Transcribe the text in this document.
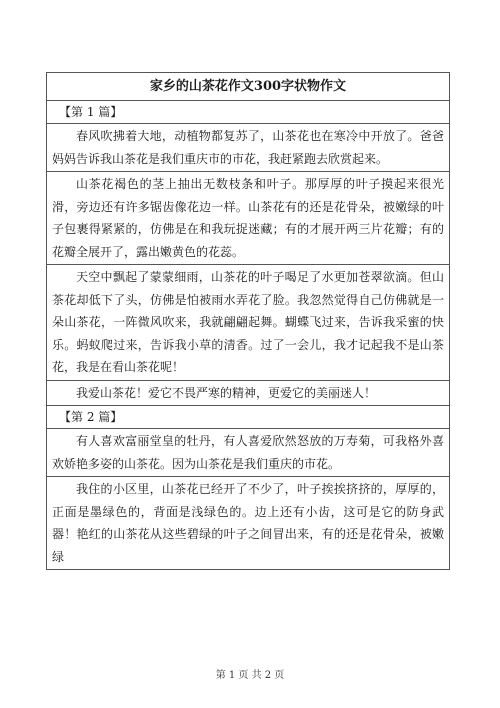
家乡的山茶花作文300字状物作文
【第 1 篇】
春风吹拂着大地，动植物都复苏了，山茶花也在寒冷中开放了。爸爸妈妈告诉我山茶花是我们重庆市的市花，我赶紧跑去欣赏起来。
山茶花褐色的茎上抽出无数枝条和叶子。那厚厚的叶子摸起来很光滑，旁边还有许多锯齿像花边一样。山茶花有的还是花骨朵，被嫩绿的叶子包裹得紧紧的，仿佛是在和我玩捉迷藏；有的才展开两三片花瓣；有的花瓣全展开了，露出嫩黄色的花蕊。
天空中飘起了蒙蒙细雨，山茶花的叶子喝足了水更加苍翠欲滴。但山茶花却低下了头，仿佛是怕被雨水弄花了脸。我忽然觉得自己仿佛就是一朵山茶花，一阵微风吹来，我就翩翩起舞。蝴蝶飞过来，告诉我采蜜的快乐。蚂蚁爬过来，告诉我小草的清香。过了一会儿，我才记起我不是山茶花，我是在看山茶花呢！
我爱山茶花！爱它不畏严寒的精神，更爱它的美丽迷人！
【第 2 篇】
有人喜欢富丽堂皇的牡丹，有人喜爱欣然怒放的万寿菊，可我格外喜欢娇艳多姿的山茶花。因为山茶花是我们重庆的市花。
我住的小区里，山茶花已经开了不少了，叶子挨挨挤挤的，厚厚的，正面是墨绿色的，背面是浅绿色的。边上还有小齿，这可是它的防身武器！艳红的山茶花从这些碧绿的叶子之间冒出来，有的还是花骨朵，被嫩绿
第 1 页 共 2 页
